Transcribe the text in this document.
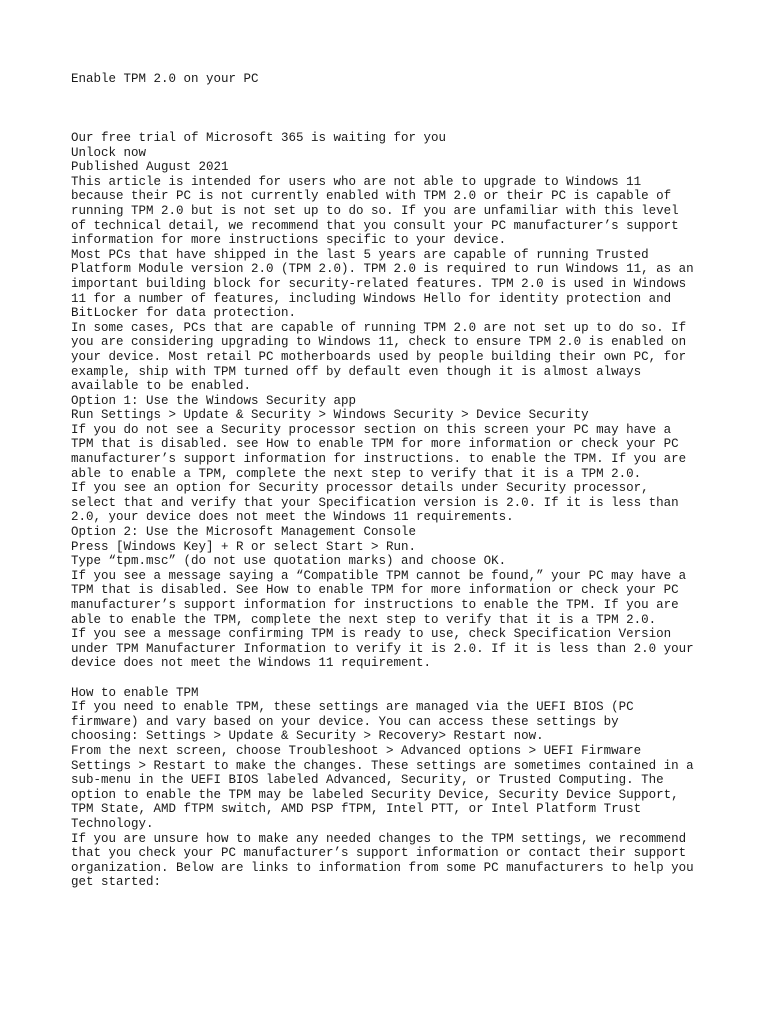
Enable TPM 2.0 on your PC

Our free trial of Microsoft 365 is waiting for you

Unlock now

Published August 2021

This article is intended for users who are not able to upgrade to Windows 11

because their PC is not currently enabled with TPM 2.0 or their PC is capable of

running TPM 2.0 but is not set up to do so. If you are unfamiliar with this level

of technical detail, we recommend that you consult your PC manufacturer’s support

information for more instructions specific to your device.

Most PCs that have shipped in the last 5 years are capable of running Trusted

Platform Module version 2.0 (TPM 2.0). TPM 2.0 is required to run Windows 11, as an

important building block for security-related features. TPM 2.0 is used in Windows

11 for a number of features, including Windows Hello for identity protection and

BitLocker for data protection.

In some cases, PCs that are capable of running TPM 2.0 are not set up to do so. If

you are considering upgrading to Windows 11, check to ensure TPM 2.0 is enabled on

your device. Most retail PC motherboards used by people building their own PC, for

example, ship with TPM turned off by default even though it is almost always

available to be enabled.

Option 1: Use the Windows Security app

Run Settings > Update & Security > Windows Security > Device Security

If you do not see a Security processor section on this screen your PC may have a

TPM that is disabled. see How to enable TPM for more information or check your PC

manufacturer’s support information for instructions. to enable the TPM. If you are

able to enable a TPM, complete the next step to verify that it is a TPM 2.0.

If you see an option for Security processor details under Security processor,

select that and verify that your Specification version is 2.0. If it is less than

2.0, your device does not meet the Windows 11 requirements.

Option 2: Use the Microsoft Management Console

Press [Windows Key] + R or select Start > Run.

Type “tpm.msc” (do not use quotation marks) and choose OK.

If you see a message saying a “Compatible TPM cannot be found,” your PC may have a

TPM that is disabled. See How to enable TPM for more information or check your PC

manufacturer’s support information for instructions to enable the TPM. If you are

able to enable the TPM, complete the next step to verify that it is a TPM 2.0.

If you see a message confirming TPM is ready to use, check Specification Version

under TPM Manufacturer Information to verify it is 2.0. If it is less than 2.0 your

device does not meet the Windows 11 requirement.

How to enable TPM

If you need to enable TPM, these settings are managed via the UEFI BIOS (PC

firmware) and vary based on your device. You can access these settings by

choosing: Settings > Update & Security > Recovery> Restart now.

From the next screen, choose Troubleshoot > Advanced options > UEFI Firmware

Settings > Restart to make the changes. These settings are sometimes contained in a

sub-menu in the UEFI BIOS labeled Advanced, Security, or Trusted Computing. The

option to enable the TPM may be labeled Security Device, Security Device Support,

TPM State, AMD fTPM switch, AMD PSP fTPM, Intel PTT, or Intel Platform Trust

Technology.

If you are unsure how to make any needed changes to the TPM settings, we recommend

that you check your PC manufacturer’s support information or contact their support

organization. Below are links to information from some PC manufacturers to help you

get started:
